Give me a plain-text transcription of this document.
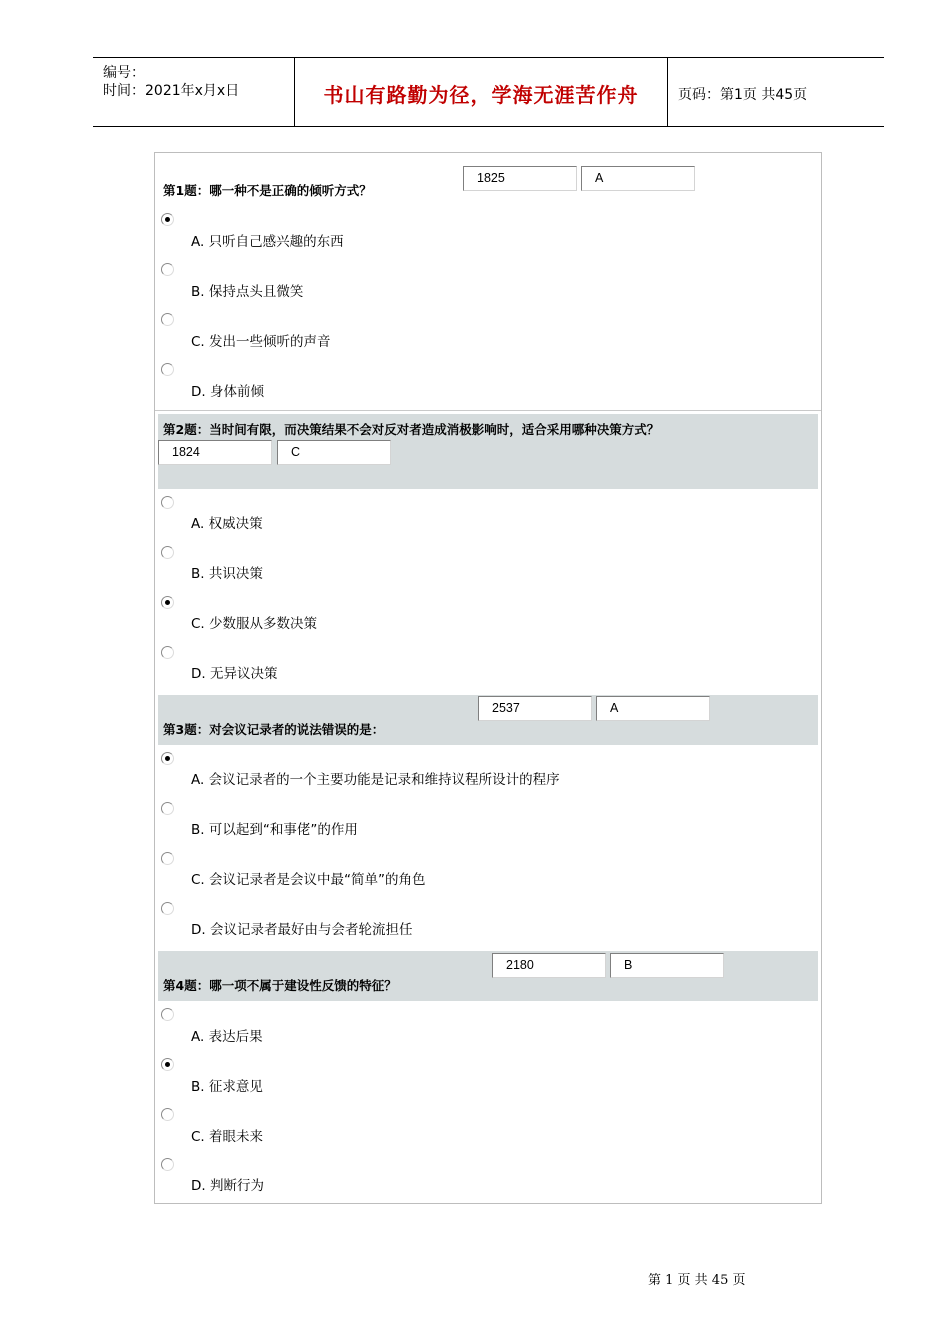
编号：
时间：2021年x月x日	书山有路勤为径，学海无涯苦作舟	页码：第1页 共45页
第1题：哪一种不是正确的倾听方式？
1825	A
A. 只听自己感兴趣的东西
B. 保持点头且微笑
C. 发出一些倾听的声音
D. 身体前倾
第2题：当时间有限，而决策结果不会对反对者造成消极影响时，适合采用哪种决策方式？
1824	C
A. 权威决策
B. 共识决策
C. 少数服从多数决策
D. 无异议决策
2537	A
第3题：对会议记录者的说法错误的是：
A. 会议记录者的一个主要功能是记录和维持议程所设计的程序
B. 可以起到“和事佬”的作用
C. 会议记录者是会议中最“简单”的角色
D. 会议记录者最好由与会者轮流担任
2180	B
第4题：哪一项不属于建设性反馈的特征？
A. 表达后果
B. 征求意见
C. 着眼未来
D. 判断行为
第 1 页 共 45 页
